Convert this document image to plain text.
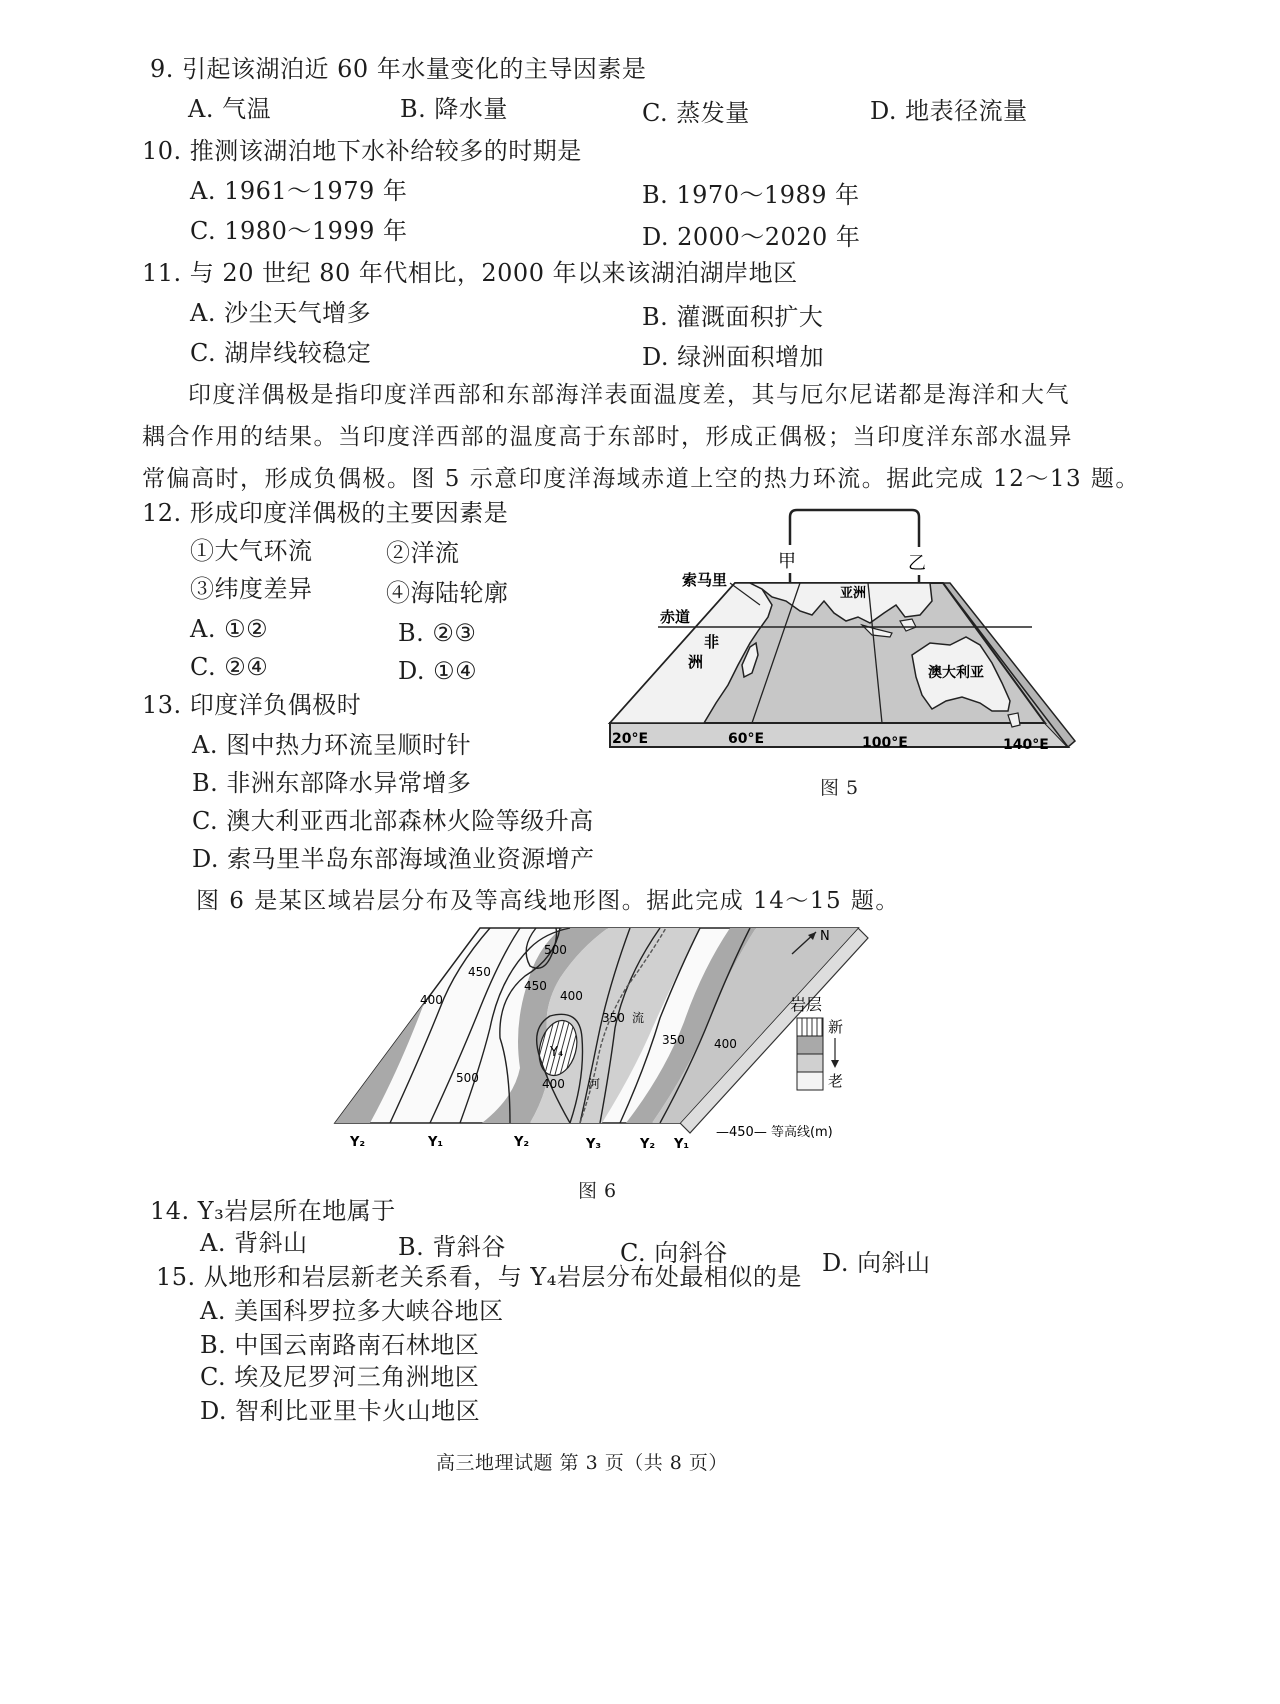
9. 引起该湖泊近 60 年水量变化的主导因素是
A. 气温	B. 降水量	C. 蒸发量	D. 地表径流量
10. 推测该湖泊地下水补给较多的时期是
A. 1961～1979 年	B. 1970～1989 年
C. 1980～1999 年	D. 2000～2020 年
11. 与 20 世纪 80 年代相比，2000 年以来该湖泊湖岸地区
A. 沙尘天气增多	B. 灌溉面积扩大
C. 湖岸线较稳定	D. 绿洲面积增加
印度洋偶极是指印度洋西部和东部海洋表面温度差，其与厄尔尼诺都是海洋和大气
耦合作用的结果。当印度洋西部的温度高于东部时，形成正偶极；当印度洋东部水温异
常偏高时，形成负偶极。图 5 示意印度洋海域赤道上空的热力环流。据此完成 12～13 题。
12. 形成印度洋偶极的主要因素是
①大气环流	②洋流
③纬度差异	④海陆轮廓
A. ①②	B. ②③
C. ②④	D. ①④
13. 印度洋负偶极时
A. 图中热力环流呈顺时针
B. 非洲东部降水异常增多
C. 澳大利亚西北部森林火险等级升高
D. 索马里半岛东部海域渔业资源增产
甲	乙
索马里
赤道
非
洲
亚洲
澳大利亚
20°E	60°E	100°E	140°E
图 5
图 6 是某区域岩层分布及等高线地形图。据此完成 14～15 题。
400
450
450
500
400
350
350 400
500	400
流
河
Y₄
N
岩层
新
老
—450— 等高线(m)
Y₂	Y₁	Y₂	Y₃	Y₂ Y₁
图 6
14. Y₃岩层所在地属于
A. 背斜山	B. 背斜谷	C. 向斜谷	D. 向斜山
15. 从地形和岩层新老关系看，与 Y₄岩层分布处最相似的是
A. 美国科罗拉多大峡谷地区
B. 中国云南路南石林地区
C. 埃及尼罗河三角洲地区
D. 智利比亚里卡火山地区
高三地理试题 第 3 页（共 8 页）
